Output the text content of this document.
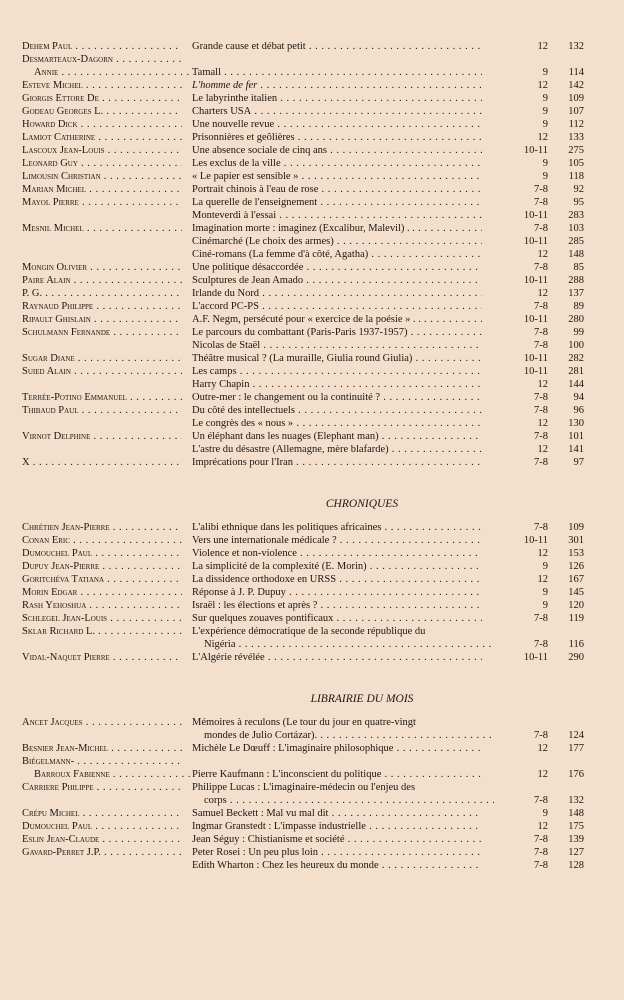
Dehem Paul . . .	Grande cause et débat petit . . .	12	132
Desmarteaux-Dagorn . . .
Annie . . .	Tamall . . .	9	114
Esteve Michel . . .	L'homme de fer . . .	12	142
Giorgis Ettore De . . .	Le labyrinthe italien . . .	9	109
Godeau Georges L. . . .	Charters USA . . .	9	107
Howard Dick . . .	Une nouvelle revue . . .	9	112
Lamiot Catherine . . .	Prisonnières et geôlières . . .	12	133
Lascoux Jean-Louis . . .	Une absence sociale de cinq ans . . .	10-11	275
Leonard Guy . . .	Les exclus de la ville . . .	9	105
Limousin Christian . . .	« Le papier est sensible » . . .	9	118
Marian Michel . . .	Portrait chinois à l'eau de rose . . .	7-8	92
Mayol Pierre . . .	La querelle de l'enseignement . . .	7-8	95
Monteverdi à l'essai . . .	10-11	283
Mesnil Michel . . .	Imagination morte : imaginez (Excalibur, Malevil) . . . . .	7-8	103
Cinémarché (Le choix des armes) . . .	10-11	285
Ciné-romans (La femme d'à côté, Agatha) . . .	12	148
Mongin Olivier . . .	Une politique désaccordée . . .	7-8	85
Paire Alain . . .	Sculptures de Jean Amado . . .	10-11	288
P. G. . . .	Irlande du Nord . . .	12	137
Raynaud Philippe . . .	L'accord PC-PS . . .	7-8	89
Ripault Ghislain . . .	A.F. Negm, persécuté pour « exercice de la poésie » . . . . .	10-11	280
Schulmann Fernande . . .	Le parcours du combattant (Paris-Paris 1937-1957) . . .	7-8	99
Nicolas de Staël . . .	7-8	100
Sugar Diane . . .	Théâtre musical ? (La muraille, Giulia round Giulia) . . .	10-11	282
Suied Alain . . .	Les camps . . .	10-11	281
Harry Chapin . . .	12	144
Terrée-Potino Emmanuel . . .	Outre-mer : le changement ou la continuité ? . . .	7-8	94
Thibaud Paul . . .	Du côté des intellectuels . . .	7-8	96
Le congrès des « nous » . . .	12	130
Virnot Delphine . . .	Un éléphant dans les nuages (Elephant man) . . .	7-8	101
L'astre du désastre (Allemagne, mère blafarde) . . .	12	141
X . . .	Imprécations pour l'Iran . . .	7-8	97
CHRONIQUES
Chrétien Jean-Pierre . . .	L'alibi ethnique dans les politiques africaines . . .	7-8	109
Conan Eric . . .	Vers une internationale médicale ? . . .	10-11	301
Dumouchel Paul . . .	Violence et non-violence . . .	12	153
Dupuy Jean-Pierre . . .	La simplicité de la complexité (E. Morin) . . .	9	126
Goritchéva Tatiana . . .	La dissidence orthodoxe en URSS . . .	12	167
Morin Edgar . . .	Réponse à J. P. Dupuy . . .	9	145
Rash Yehoshua . . .	Israël : les élections et après ? . . .	9	120
Schlegel Jean-Louis . . .	Sur quelques zouaves pontificaux . . .	7-8	119
Sklar Richard L. . . .	L'expérience démocratique de la seconde république du
Nigéria . . .	7-8	116
Vidal-Naquet Pierre . . .	L'Algérie révélée . . .	10-11	290
LIBRAIRIE DU MOIS
Ancet Jacques . . .	Mémoires à reculons (Le tour du jour en quatre-vingt
mondes de Julio Cortázar). . . .	7-8	124
Besnier Jean-Michel . . .	Michèle Le Dœuff : L'imaginaire philosophique . . .	12	177
Biégelmann- . . .
Barroux Fabienne . . .	Pierre Kaufmann : L'inconscient du politique . . .	12	176
Carriere Philippe . . .	Philippe Lucas : L'imaginaire-médecin ou l'enjeu des
corps . . .	7-8	132
Crépu Michel . . .	Samuel Beckett : Mal vu mal dit . . .	9	148
Dumouchel Paul . . .	Ingmar Granstedt : L'impasse industrielle . . .	12	175
Eslin Jean-Claude . . .	Jean Séguy : Chistianisme et société . . .	7-8	139
Gavard-Perret J.P. . . .	Peter Rosei : Un peu plus loin . . .	7-8	127
Edith Wharton : Chez les heureux du monde . . .	7-8	128
